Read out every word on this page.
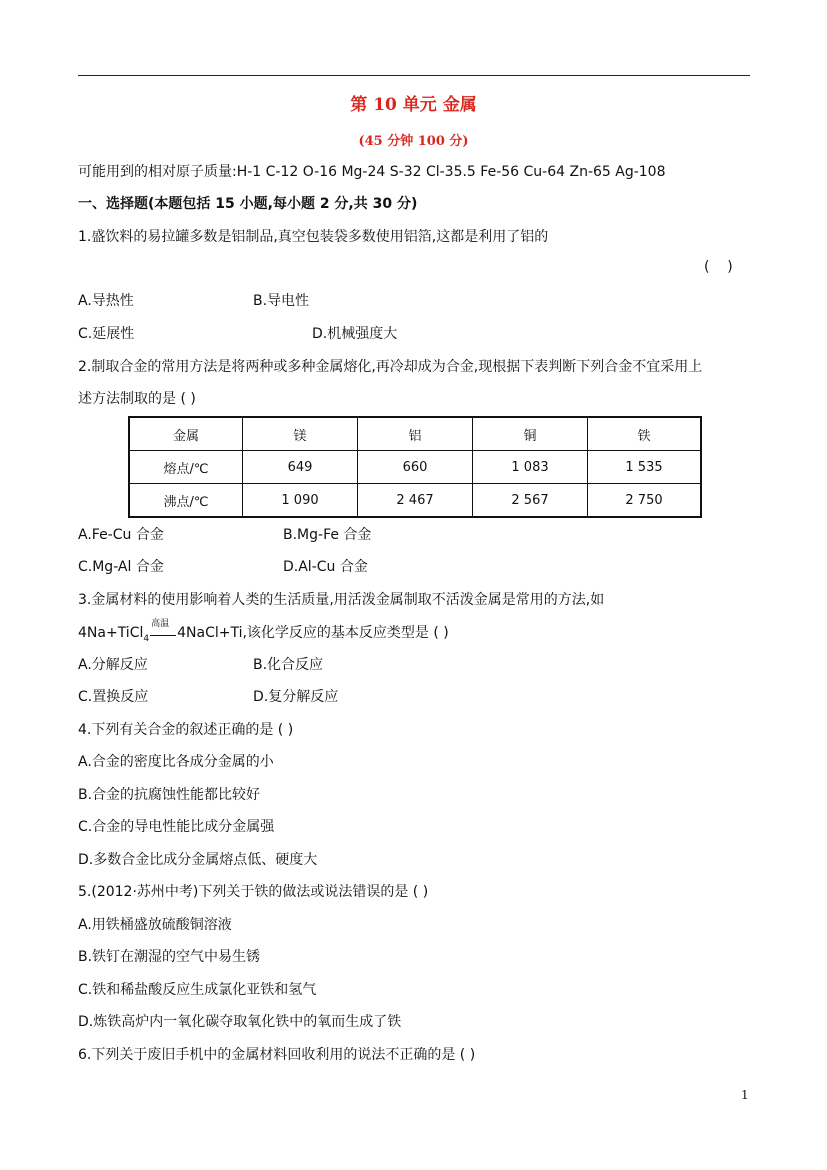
第 10 单元 金属
(45 分钟 100 分)
可能用到的相对原子质量:H-1 C-12 O-16 Mg-24 S-32 Cl-35.5 Fe-56 Cu-64 Zn-65 Ag-108
一、选择题(本题包括 15 小题,每小题 2 分,共 30 分)
1.盛饮料的易拉罐多数是铝制品,真空包装袋多数使用铝箔,这都是利用了铝的
(    )
A.导热性	B.导电性
C.延展性	D.机械强度大
2.制取合金的常用方法是将两种或多种金属熔化,再冷却成为合金,现根据下表判断下列合金不宜采用上
述方法制取的是 ( )
金属	镁	铝	铜	铁
熔点/℃	649	660	1 083	1 535
沸点/℃	1 090	2 467	2 567	2 750
A.Fe-Cu 合金	B.Mg-Fe 合金
C.Mg-Al 合金	D.Al-Cu 合金
3.金属材料的使用影响着人类的生活质量,用活泼金属制取不活泼金属是常用的方法,如
4Na+TiCl$_4$
高温
4NaCl+Ti,该化学反应的基本反应类型是 ( )
A.分解反应	B.化合反应
C.置换反应	D.复分解反应
4.下列有关合金的叙述正确的是 ( )
A.合金的密度比各成分金属的小
B.合金的抗腐蚀性能都比较好
C.合金的导电性能比成分金属强
D.多数合金比成分金属熔点低、硬度大
5.(2012·苏州中考)下列关于铁的做法或说法错误的是 ( )
A.用铁桶盛放硫酸铜溶液
B.铁钉在潮湿的空气中易生锈
C.铁和稀盐酸反应生成氯化亚铁和氢气
D.炼铁高炉内一氧化碳夺取氧化铁中的氧而生成了铁
6.下列关于废旧手机中的金属材料回收利用的说法不正确的是 ( )
1
